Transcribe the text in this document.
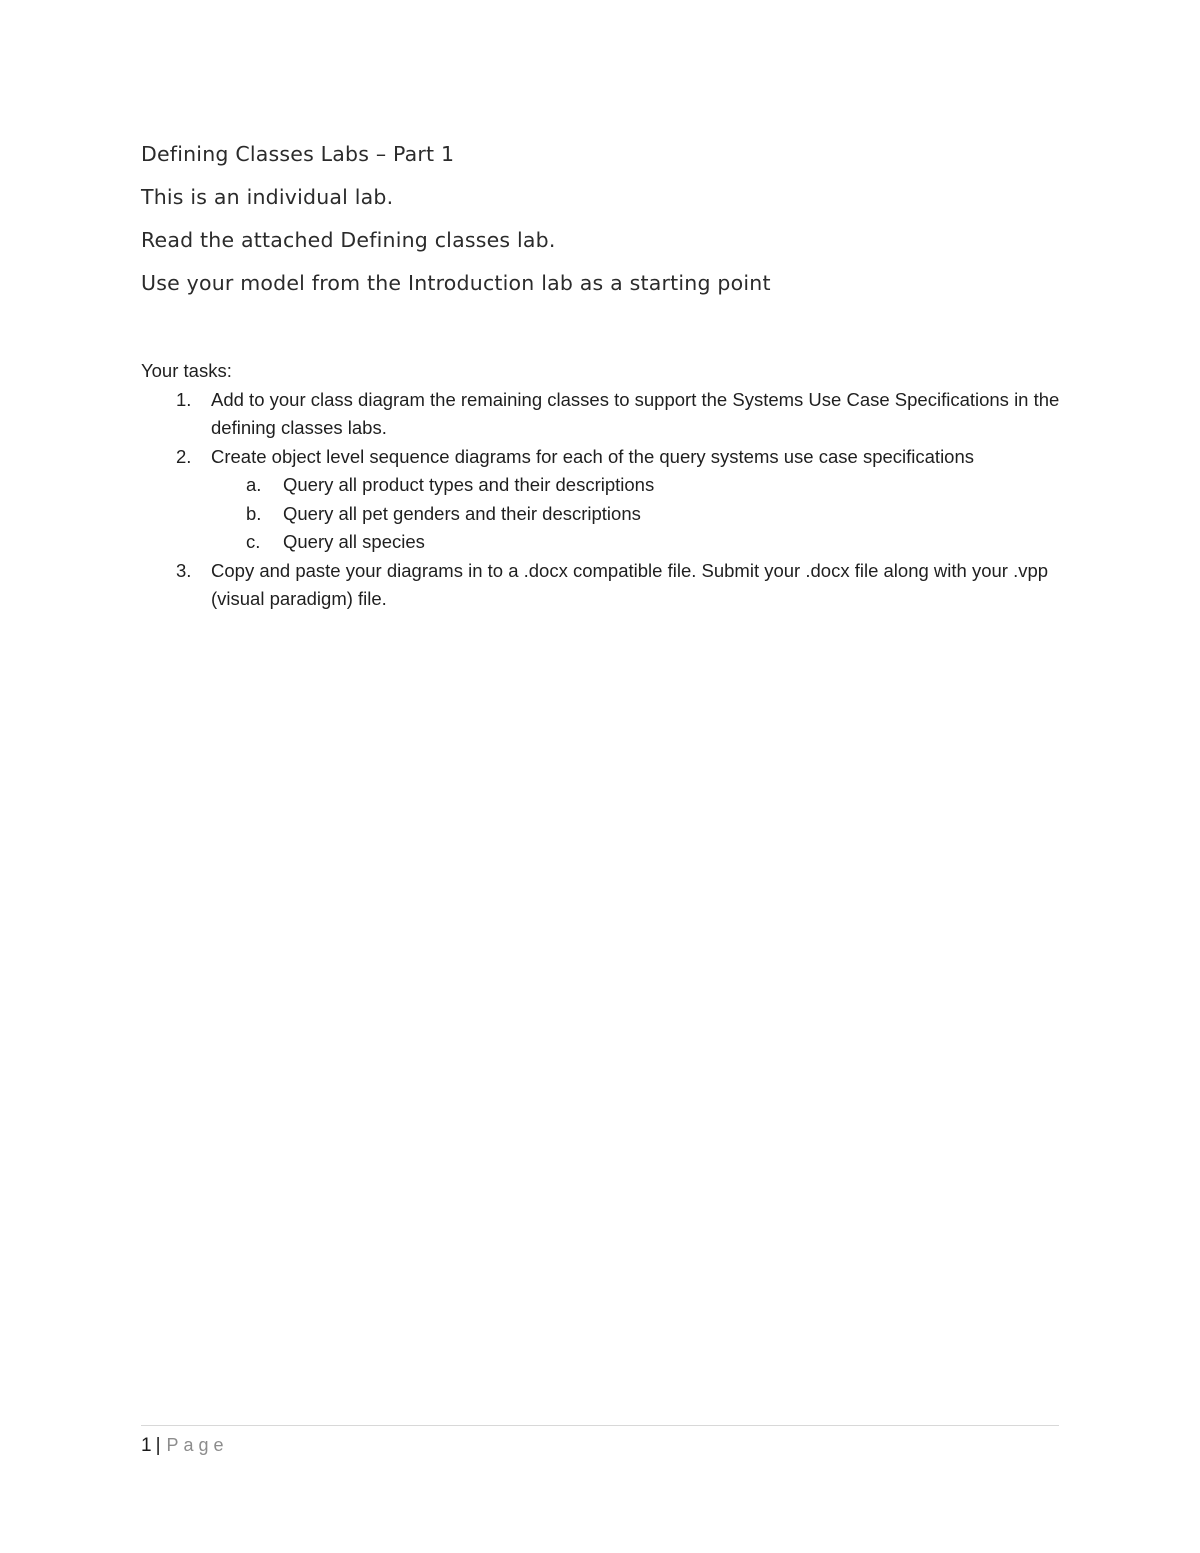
Defining Classes Labs – Part 1

This is an individual lab.

Read the attached Defining classes lab.

Use your model from the Introduction lab as a starting point

Your tasks:

1. Add to your class diagram the remaining classes to support the Systems Use Case Specifications in the defining classes labs.
2. Create object level sequence diagrams for each of the query systems use case specifications
a. Query all product types and their descriptions
b. Query all pet genders and their descriptions
c. Query all species
3. Copy and paste your diagrams in to a .docx compatible file. Submit your .docx file along with your .vpp (visual paradigm) file.
1 | Page
